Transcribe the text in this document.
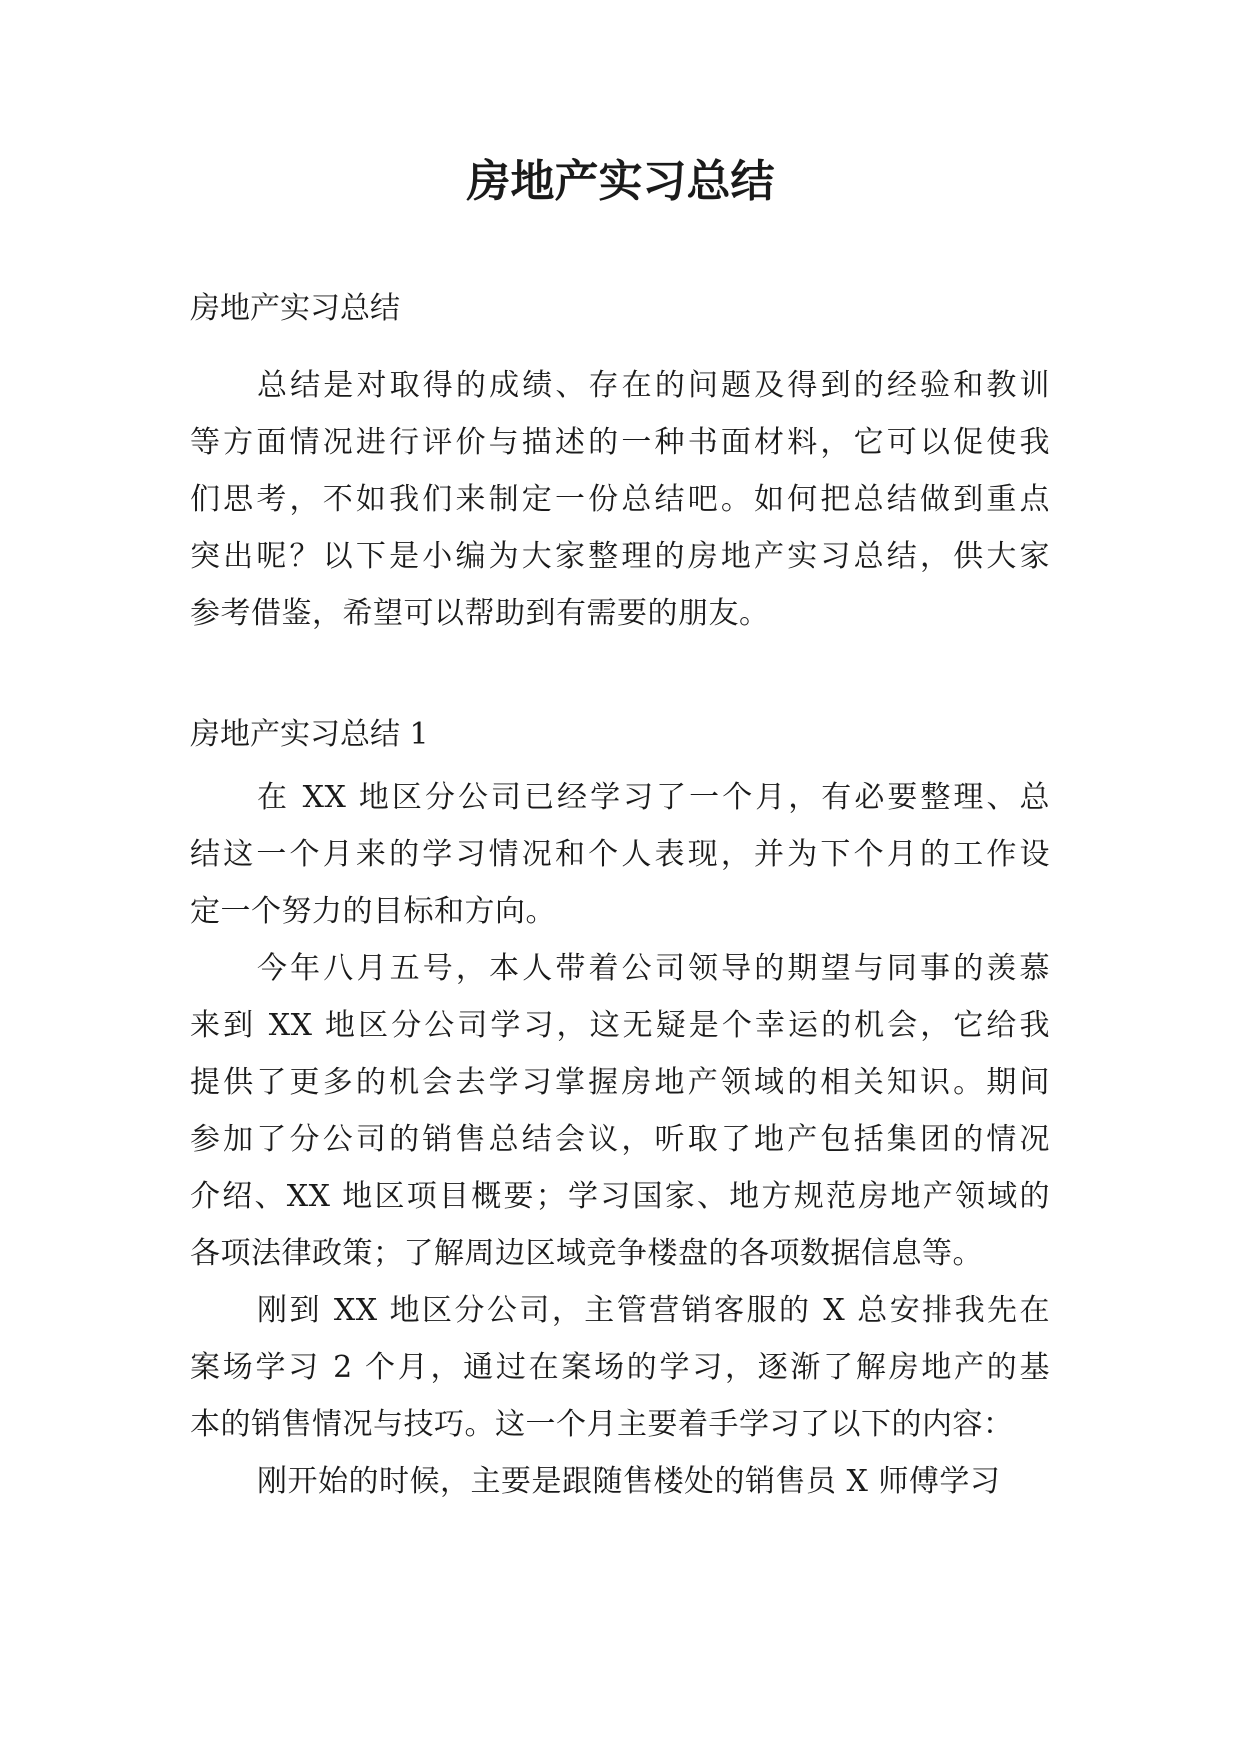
房地产实习总结

房地产实习总结

总结是对取得的成绩、存在的问题及得到的经验和教训
等方面情况进行评价与描述的一种书面材料，它可以促使我
们思考，不如我们来制定一份总结吧。如何把总结做到重点
突出呢？以下是小编为大家整理的房地产实习总结，供大家
参考借鉴，希望可以帮助到有需要的朋友。

房地产实习总结 1

在 XX 地区分公司已经学习了一个月，有必要整理、总
结这一个月来的学习情况和个人表现，并为下个月的工作设
定一个努力的目标和方向。
今年八月五号，本人带着公司领导的期望与同事的羡慕
来到 XX 地区分公司学习，这无疑是个幸运的机会，它给我
提供了更多的机会去学习掌握房地产领域的相关知识。期间
参加了分公司的销售总结会议，听取了地产包括集团的情况
介绍、XX 地区项目概要；学习国家、地方规范房地产领域的
各项法律政策；了解周边区域竞争楼盘的各项数据信息等。
刚到 XX 地区分公司，主管营销客服的 X 总安排我先在
案场学习 2 个月，通过在案场的学习，逐渐了解房地产的基
本的销售情况与技巧。这一个月主要着手学习了以下的内容：
刚开始的时候，主要是跟随售楼处的销售员 X 师傅学习
